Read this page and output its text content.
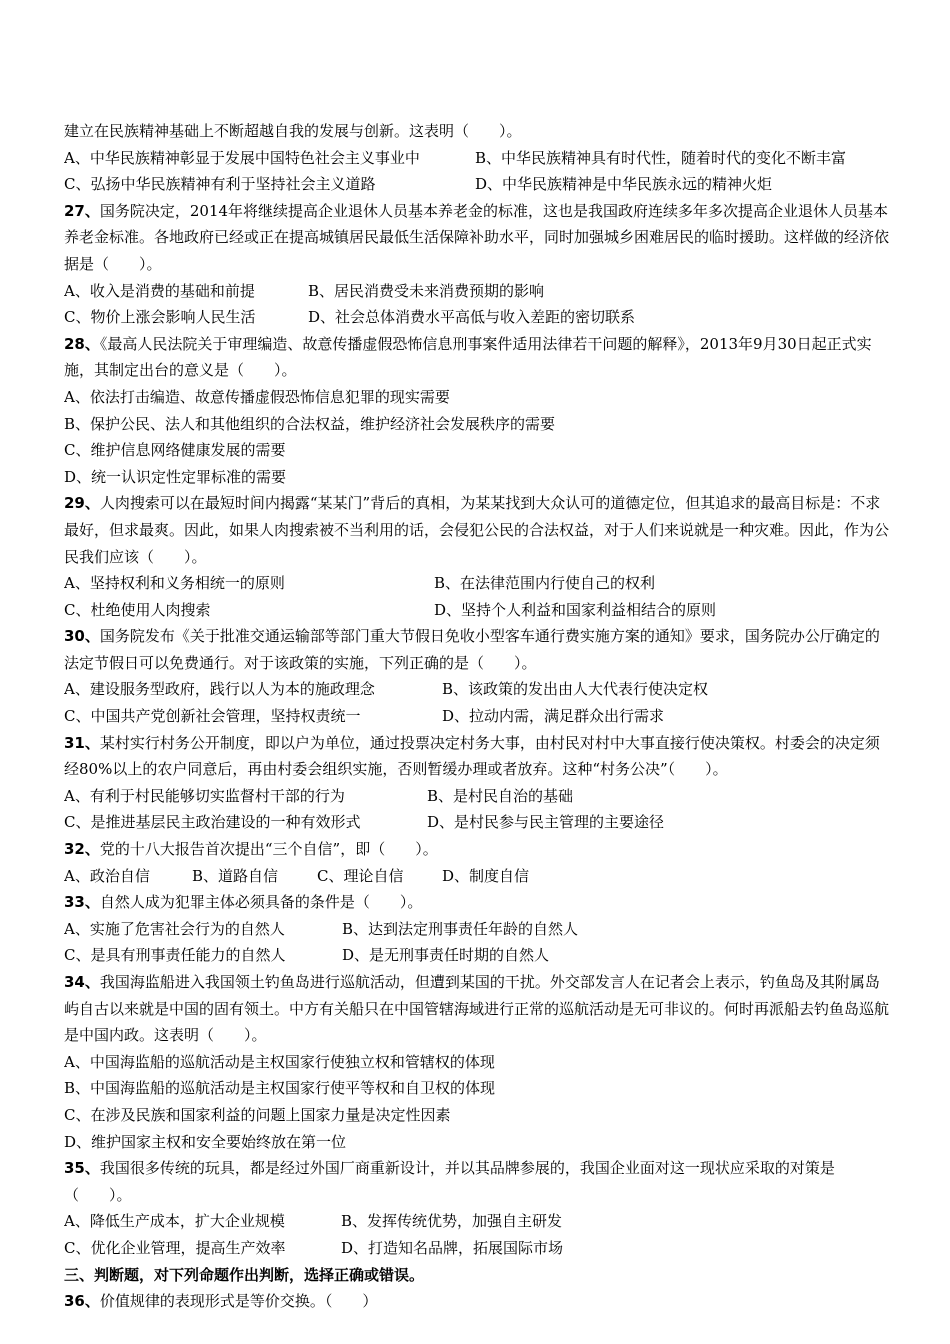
建立在民族精神基础上不断超越自我的发展与创新。这表明（　　）。
A、中华民族精神彰显于发展中国特色社会主义事业中	B、中华民族精神具有时代性，随着时代的变化不断丰富
C、弘扬中华民族精神有利于坚持社会主义道路	D、中华民族精神是中华民族永远的精神火炬
27、国务院决定，2014年将继续提高企业退休人员基本养老金的标准，这也是我国政府连续多年多次提高企业退休人员基本养老金标准。各地政府已经或正在提高城镇居民最低生活保障补助水平，同时加强城乡困难居民的临时援助。这样做的经济依据是（　　）。
A、收入是消费的基础和前提	B、居民消费受未来消费预期的影响
C、物价上涨会影响人民生活	D、社会总体消费水平高低与收入差距的密切联系
28、《最高人民法院关于审理编造、故意传播虚假恐怖信息刑事案件适用法律若干问题的解释》，2013年9月30日起正式实施，其制定出台的意义是（　　）。
A、依法打击编造、故意传播虚假恐怖信息犯罪的现实需要
B、保护公民、法人和其他组织的合法权益，维护经济社会发展秩序的需要
C、维护信息网络健康发展的需要
D、统一认识定性定罪标准的需要
29、人肉搜索可以在最短时间内揭露“某某门”背后的真相，为某某找到大众认可的道德定位，但其追求的最高目标是：不求最好，但求最爽。因此，如果人肉搜索被不当利用的话，会侵犯公民的合法权益，对于人们来说就是一种灾难。因此，作为公民我们应该（　　）。
A、坚持权利和义务相统一的原则	B、在法律范围内行使自己的权利
C、杜绝使用人肉搜索	D、坚持个人利益和国家利益相结合的原则
30、国务院发布《关于批准交通运输部等部门重大节假日免收小型客车通行费实施方案的通知》要求，国务院办公厅确定的法定节假日可以免费通行。对于该政策的实施，下列正确的是（　　）。
A、建设服务型政府，践行以人为本的施政理念	B、该政策的发出由人大代表行使决定权
C、中国共产党创新社会管理，坚持权责统一	D、拉动内需，满足群众出行需求
31、某村实行村务公开制度，即以户为单位，通过投票决定村务大事，由村民对村中大事直接行使决策权。村委会的决定须经80%以上的农户同意后，再由村委会组织实施，否则暂缓办理或者放弃。这种“村务公决”（　　）。
A、有利于村民能够切实监督村干部的行为	B、是村民自治的基础
C、是推进基层民主政治建设的一种有效形式	D、是村民参与民主管理的主要途径
32、党的十八大报告首次提出“三个自信”，即（　　）。
A、政治自信	B、道路自信	C、理论自信	D、制度自信
33、自然人成为犯罪主体必须具备的条件是（　　）。
A、实施了危害社会行为的自然人	B、达到法定刑事责任年龄的自然人
C、是具有刑事责任能力的自然人	D、是无刑事责任时期的自然人
34、我国海监船进入我国领土钓鱼岛进行巡航活动，但遭到某国的干扰。外交部发言人在记者会上表示，钓鱼岛及其附属岛屿自古以来就是中国的固有领土。中方有关船只在中国管辖海域进行正常的巡航活动是无可非议的。何时再派船去钓鱼岛巡航是中国内政。这表明（　　）。
A、中国海监船的巡航活动是主权国家行使独立权和管辖权的体现
B、中国海监船的巡航活动是主权国家行使平等权和自卫权的体现
C、在涉及民族和国家利益的问题上国家力量是决定性因素
D、维护国家主权和安全要始终放在第一位
35、我国很多传统的玩具，都是经过外国厂商重新设计，并以其品牌参展的，我国企业面对这一现状应采取的对策是（　　）。
A、降低生产成本，扩大企业规模	B、发挥传统优势，加强自主研发
C、优化企业管理，提高生产效率	D、打造知名品牌，拓展国际市场
三、判断题，对下列命题作出判断，选择正确或错误。
36、价值规律的表现形式是等价交换。（　　）
